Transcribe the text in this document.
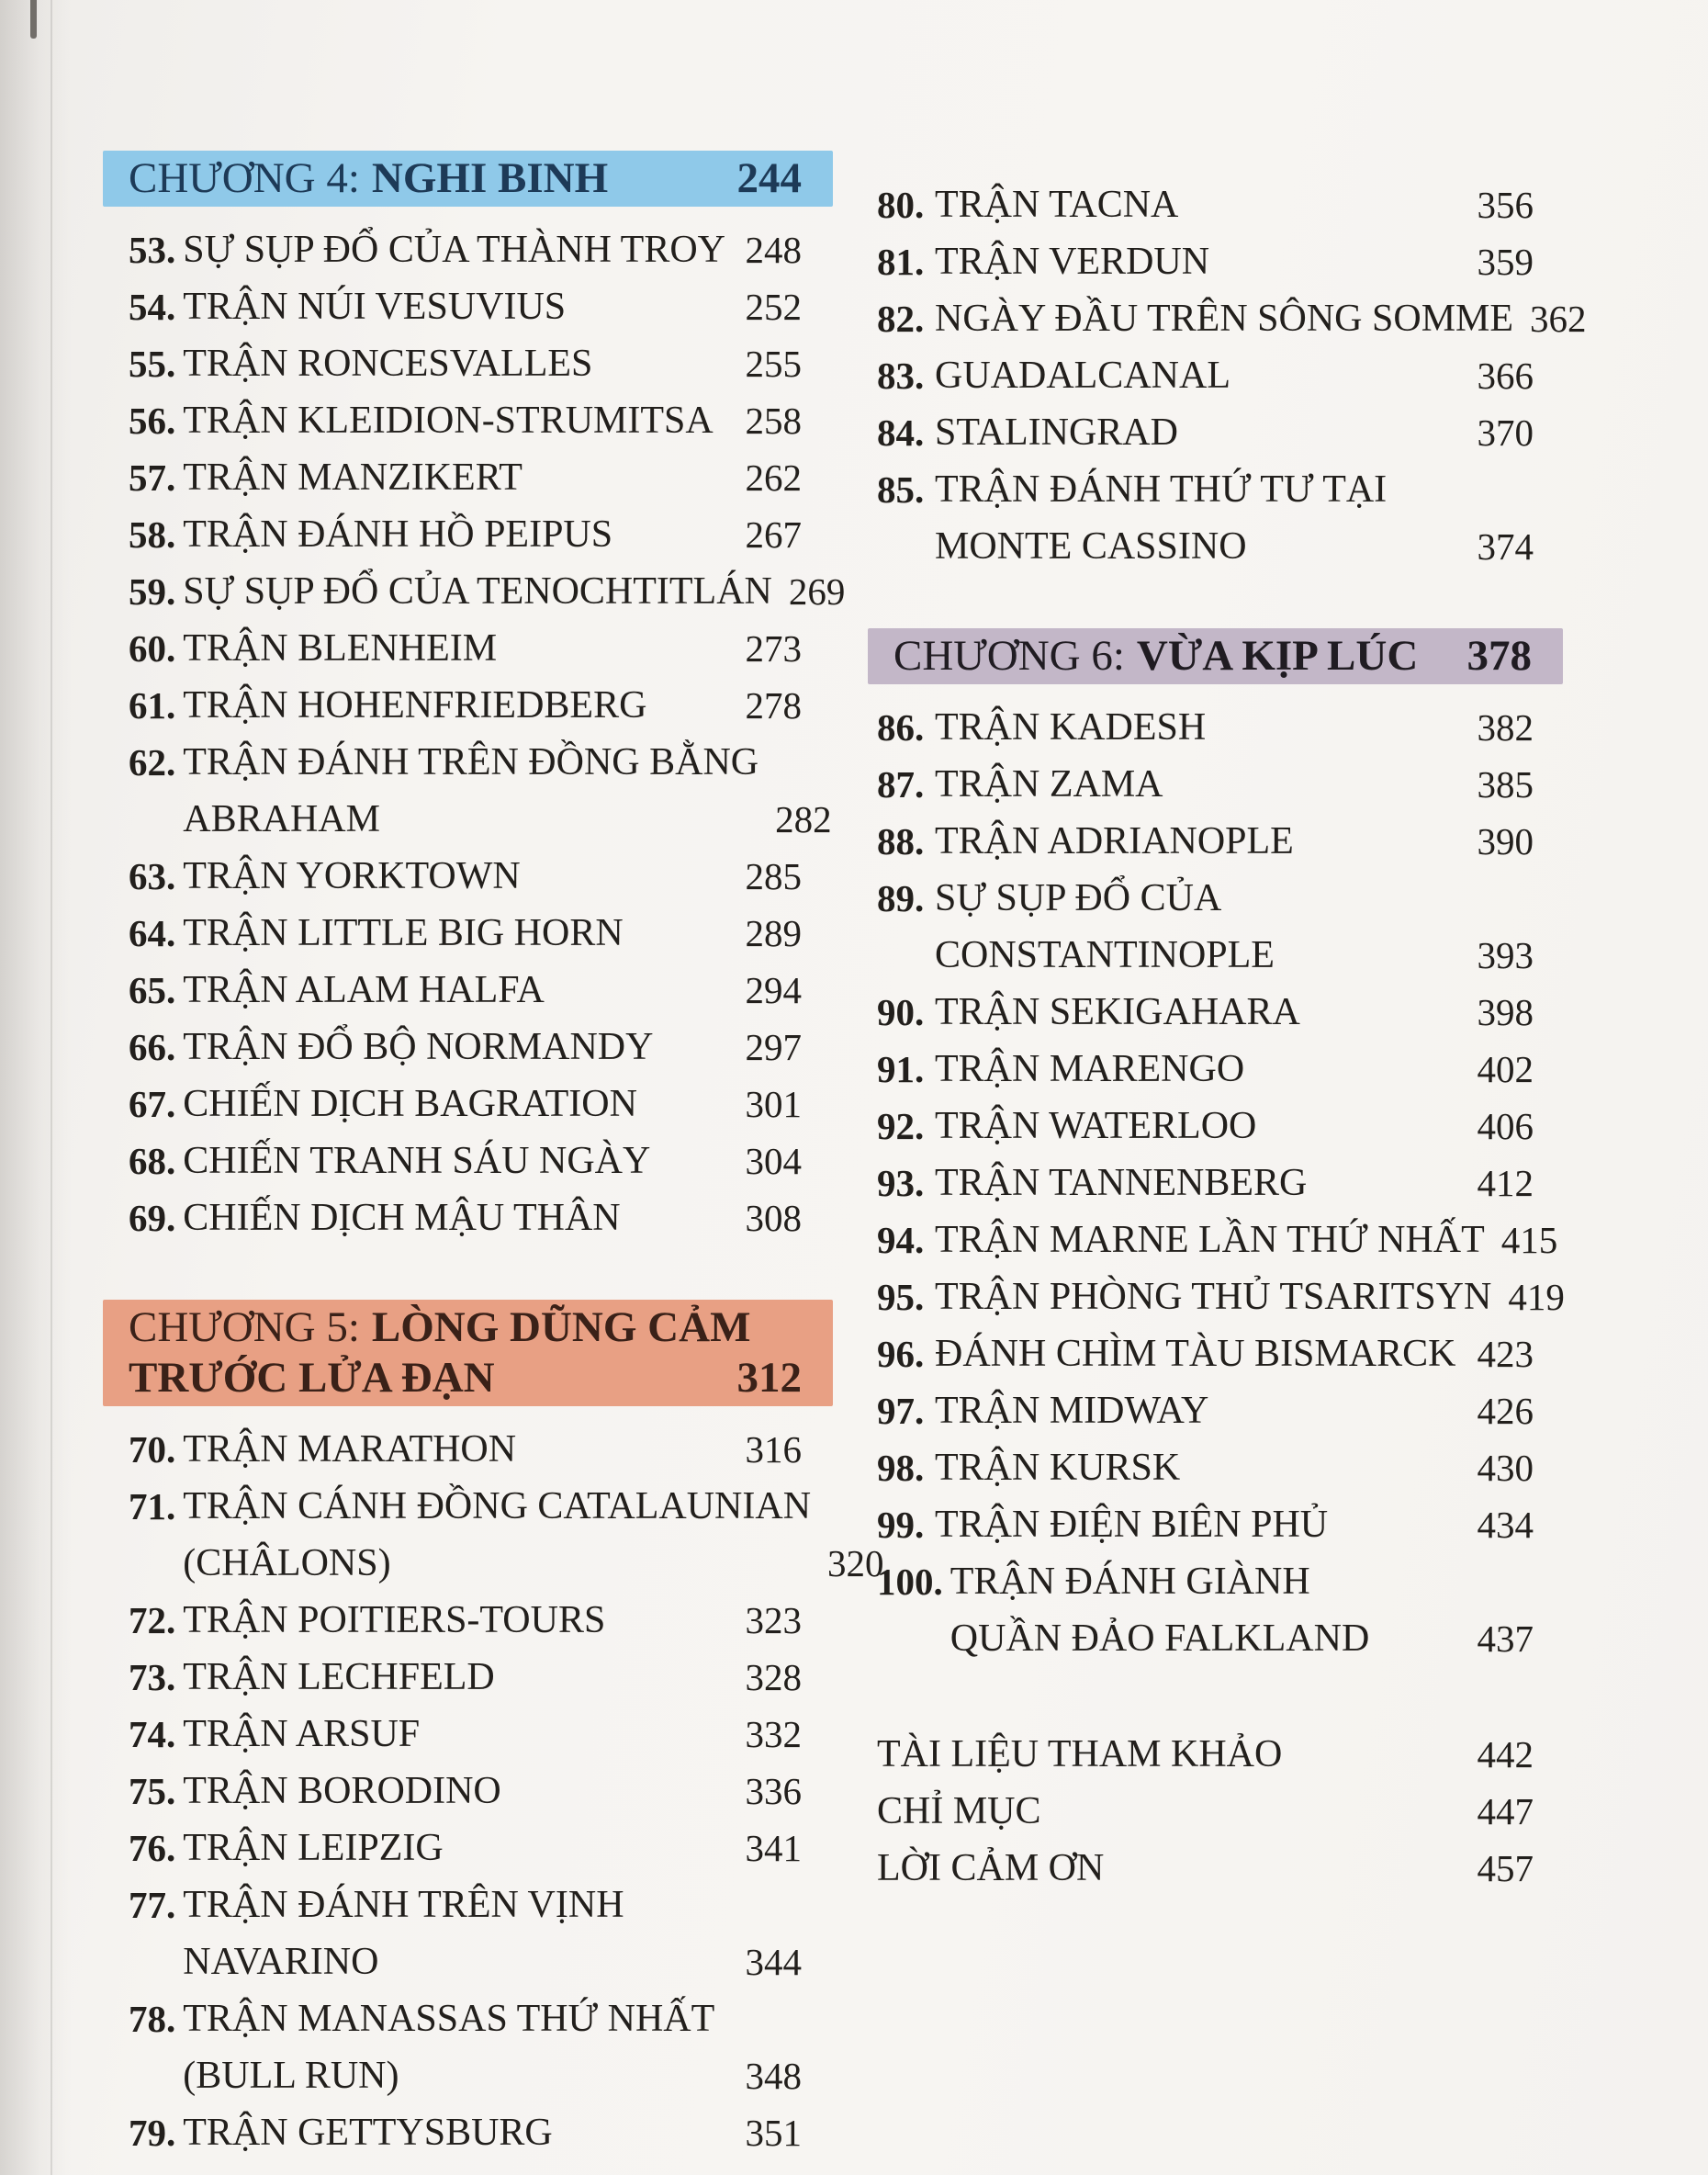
CHƯƠNG 4: NGHI BINH	244
53. SỰ SỤP ĐỔ CỦA THÀNH TROY 248
54. TRẬN NÚI VESUVIUS	252
55. TRẬN RONCESVALLES	255
56. TRẬN KLEIDION-STRUMITSA 258
57. TRẬN MANZIKERT	262
58. TRẬN ĐÁNH HỒ PEIPUS	267
59. SỰ SỤP ĐỔ CỦA TENOCHTITLÁN 269
60. TRẬN BLENHEIM	273
61. TRẬN HOHENFRIEDBERG	278
62. TRẬN ĐÁNH TRÊN ĐỒNG BẰNG
ABRAHAM	282
63. TRẬN YORKTOWN	285
64. TRẬN LITTLE BIG HORN	289
65. TRẬN ALAM HALFA	294
66. TRẬN ĐỔ BỘ NORMANDY	297
67. CHIẾN DỊCH BAGRATION	301
68. CHIẾN TRANH SÁU NGÀY	304
69. CHIẾN DỊCH MẬU THÂN	308
CHƯƠNG 5: LÒNG DŨNG CẢM
TRƯỚC LỬA ĐẠN	312
70. TRẬN MARATHON	316
71. TRẬN CÁNH ĐỒNG CATALAUNIAN
(CHÂLONS)	320
72. TRẬN POITIERS-TOURS	323
73. TRẬN LECHFELD	328
74. TRẬN ARSUF	332
75. TRẬN BORODINO	336
76. TRẬN LEIPZIG	341
77. TRẬN ĐÁNH TRÊN VỊNH
NAVARINO	344
78. TRẬN MANASSAS THỨ NHẤT
(BULL RUN)	348
79. TRẬN GETTYSBURG	351
80. TRẬN TACNA	356
81. TRẬN VERDUN	359
82. NGÀY ĐẦU TRÊN SÔNG SOMME 362
83. GUADALCANAL	366
84. STALINGRAD	370
85. TRẬN ĐÁNH THỨ TƯ TẠI
MONTE CASSINO	374
CHƯƠNG 6: VỪA KỊP LÚC 378
86. TRẬN KADESH	382
87. TRẬN ZAMA	385
88. TRẬN ADRIANOPLE	390
89. SỰ SỤP ĐỔ CỦA
CONSTANTINOPLE	393
90. TRẬN SEKIGAHARA	398
91. TRẬN MARENGO	402
92. TRẬN WATERLOO	406
93. TRẬN TANNENBERG	412
94. TRẬN MARNE LẦN THỨ NHẤT 415
95. TRẬN PHÒNG THỦ TSARITSYN 419
96. ĐÁNH CHÌM TÀU BISMARCK 423
97. TRẬN MIDWAY	426
98. TRẬN KURSK	430
99. TRẬN ĐIỆN BIÊN PHỦ	434
100. TRẬN ĐÁNH GIÀNH
QUẦN ĐẢO FALKLAND	437
TÀI LIỆU THAM KHẢO	442
CHỈ MỤC	447
LỜI CẢM ƠN	457
